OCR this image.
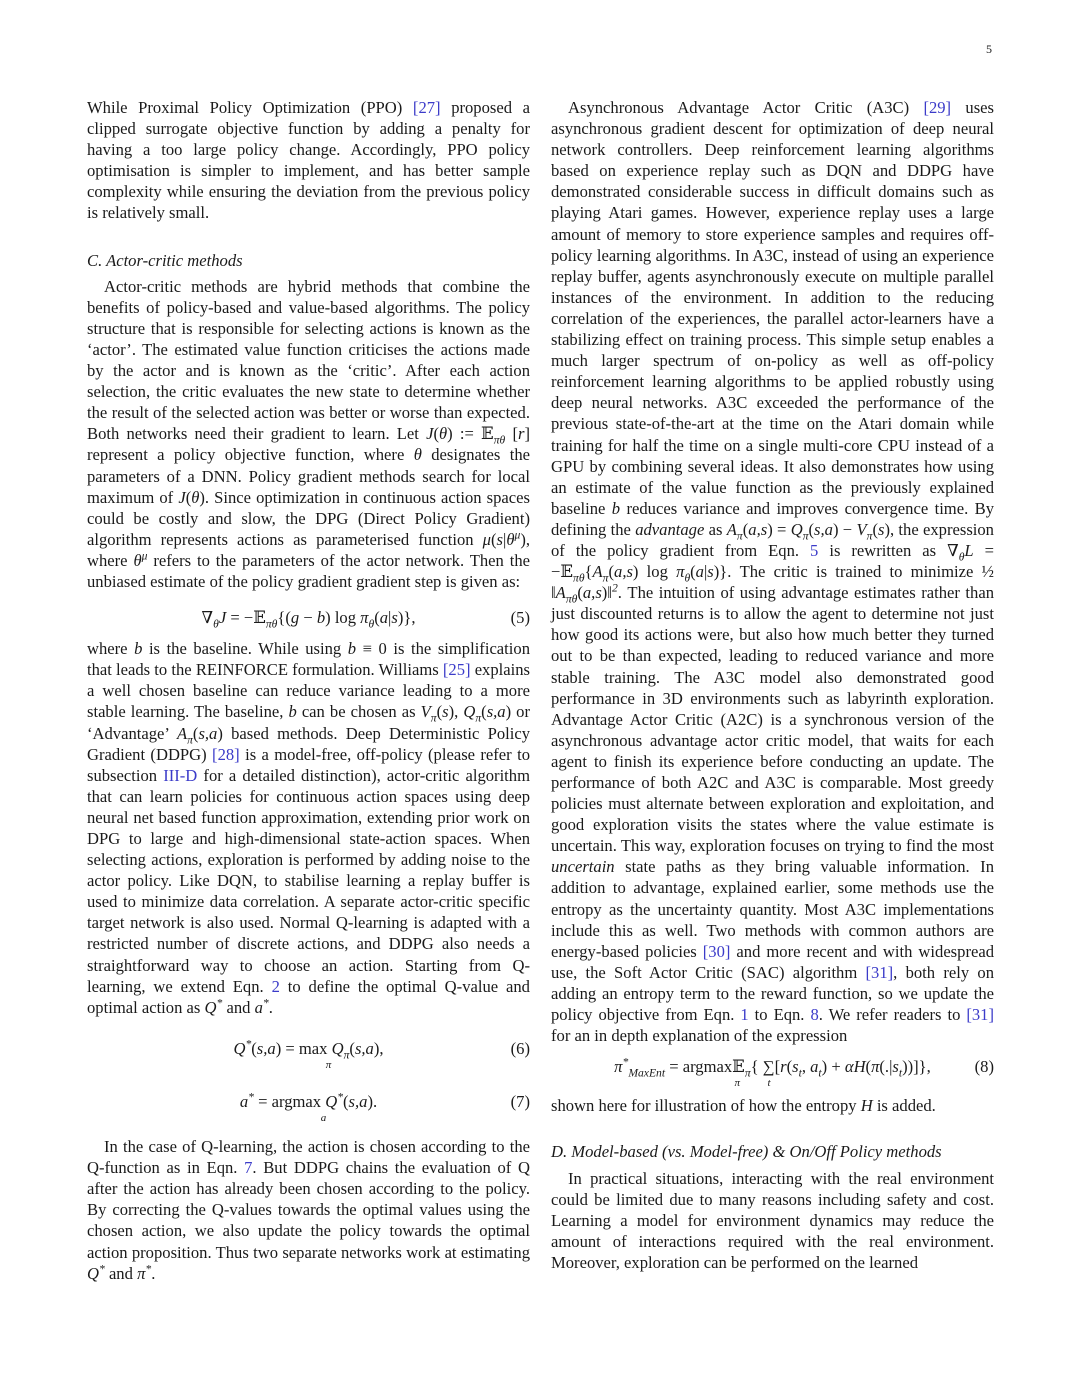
5

While Proximal Policy Optimization (PPO) [27] proposed a clipped surrogate objective function by adding a penalty for having a too large policy change. Accordingly, PPO policy optimisation is simpler to implement, and has better sample complexity while ensuring the deviation from the previous policy is relatively small.

C. Actor-critic methods

Actor-critic methods are hybrid methods that combine the benefits of policy-based and value-based algorithms. The policy structure that is responsible for selecting actions is known as the ‘actor’. The estimated value function criticises the actions made by the actor and is known as the ‘critic’. After each action selection, the critic evaluates the new state to determine whether the result of the selected action was better or worse than expected. Both networks need their gradient to learn. Let J(θ) := 𝔼$_{\pi\theta}$ [r] represent a policy objective function, where θ designates the parameters of a DNN. Policy gradient methods search for local maximum of J(θ). Since optimization in continuous action spaces could be costly and slow, the DPG (Direct Policy Gradient) algorithm represents actions as parameterised function $\mu(s|\theta^\mu)$, where $\theta^\mu$ refers to the parameters of the actor network. Then the unbiased estimate of the policy gradient gradient step is given as:

$\nabla_\theta J$ = −𝔼$_{\pi\theta}${(g − b) $\log \pi_\theta(a|s)$},	(5)

where b is the baseline. While using b ≡ 0 is the simplification that leads to the REINFORCE formulation. Williams [25] explains a well chosen baseline can reduce variance leading to a more stable learning. The baseline, b can be chosen as $V_\pi(s)$, $Q_\pi(s,a)$ or ‘Advantage’ $A_\pi(s,a)$ based methods. Deep Deterministic Policy Gradient (DDPG) [28] is a model-free, off-policy (please refer to subsection III-D for a detailed distinction), actor-critic algorithm that can learn policies for continuous action spaces using deep neural net based function approximation, extending prior work on DPG to large and high-dimensional state-action spaces. When selecting actions, exploration is performed by adding noise to the actor policy. Like DQN, to stabilise learning a replay buffer is used to minimize data correlation. A separate actor-critic specific target network is also used. Normal Q-learning is adapted with a restricted number of discrete actions, and DDPG also needs a straightforward way to choose an action. Starting from Q-learning, we extend Eqn. 2 to define the optimal Q-value and optimal action as Q* and a*.

$Q^*(s,a) = \max Q_\pi(s,a)$,	(6)
π
a* = argmax Q*(s,a).	(7)
a

In the case of Q-learning, the action is chosen according to the Q-function as in Eqn. 7. But DDPG chains the evaluation of Q after the action has already been chosen according to the policy. By correcting the Q-values towards the optimal values using the chosen action, we also update the policy towards the optimal action proposition. Thus two separate networks work at estimating Q* and π*.

Asynchronous Advantage Actor Critic (A3C) [29] uses asynchronous gradient descent for optimization of deep neural network controllers. Deep reinforcement learning algorithms based on experience replay such as DQN and DDPG have demonstrated considerable success in difficult domains such as playing Atari games. However, experience replay uses a large amount of memory to store experience samples and requires off-policy learning algorithms. In A3C, instead of using an experience replay buffer, agents asynchronously execute on multiple parallel instances of the environment. In addition to the reducing correlation of the experiences, the parallel actor-learners have a stabilizing effect on training process. This simple setup enables a much larger spectrum of on-policy as well as off-policy reinforcement learning algorithms to be applied robustly using deep neural networks. A3C exceeded the performance of the previous state-of-the-art at the time on the Atari domain while training for half the time on a single multi-core CPU instead of a GPU by combining several ideas. It also demonstrates how using an estimate of the value function as the previously explained baseline b reduces variance and improves convergence time. By defining the advantage as $A_\pi(a,s) = Q_\pi(s,a) - V_\pi(s)$, the expression of the policy gradient from Eqn. 5 is rewritten as $\nabla_\theta L$ = $-𝔼_{\pi\theta}\{A_\pi(a,s)$ $\log \pi_\theta(a|s)$}. The critic is trained to minimize ½ $‖A_{\pi\theta}(a,s)‖^2$. The intuition of using advantage estimates rather than just discounted returns is to allow the agent to determine not just how good its actions were, but also how much better they turned out to be than expected, leading to reduced variance and more stable training. The A3C model also demonstrated good performance in 3D environments such as labyrinth exploration. Advantage Actor Critic (A2C) is a synchronous version of the asynchronous advantage actor critic model, that waits for each agent to finish its experience before conducting an update. The performance of both A2C and A3C is comparable. Most greedy policies must alternate between exploration and exploitation, and good exploration visits the states where the value estimate is uncertain. This way, exploration focuses on trying to find the most uncertain state paths as they bring valuable information. In addition to advantage, explained earlier, some methods use the entropy as the uncertainty quantity. Most A3C implementations include this as well. Two methods with common authors are energy-based policies [30] and more recent and with widespread use, the Soft Actor Critic (SAC) algorithm [31], both rely on adding an entropy term to the reward function, so we update the policy objective from Eqn. 1 to Eqn. 8. We refer readers to [31] for an in depth explanation of the expression

$\pi^*_{MaxEnt}$ = argmax𝔼$_\pi${ $\sum[r(s_t$, $a_t) + \alpha H(\pi(.|s_t))$]},	(8)
π          t

shown here for illustration of how the entropy H is added.

D. Model-based (vs. Model-free) & On/Off Policy methods

In practical situations, interacting with the real environment could be limited due to many reasons including safety and cost. Learning a model for environment dynamics may reduce the amount of interactions required with the real environment. Moreover, exploration can be performed on the learned
